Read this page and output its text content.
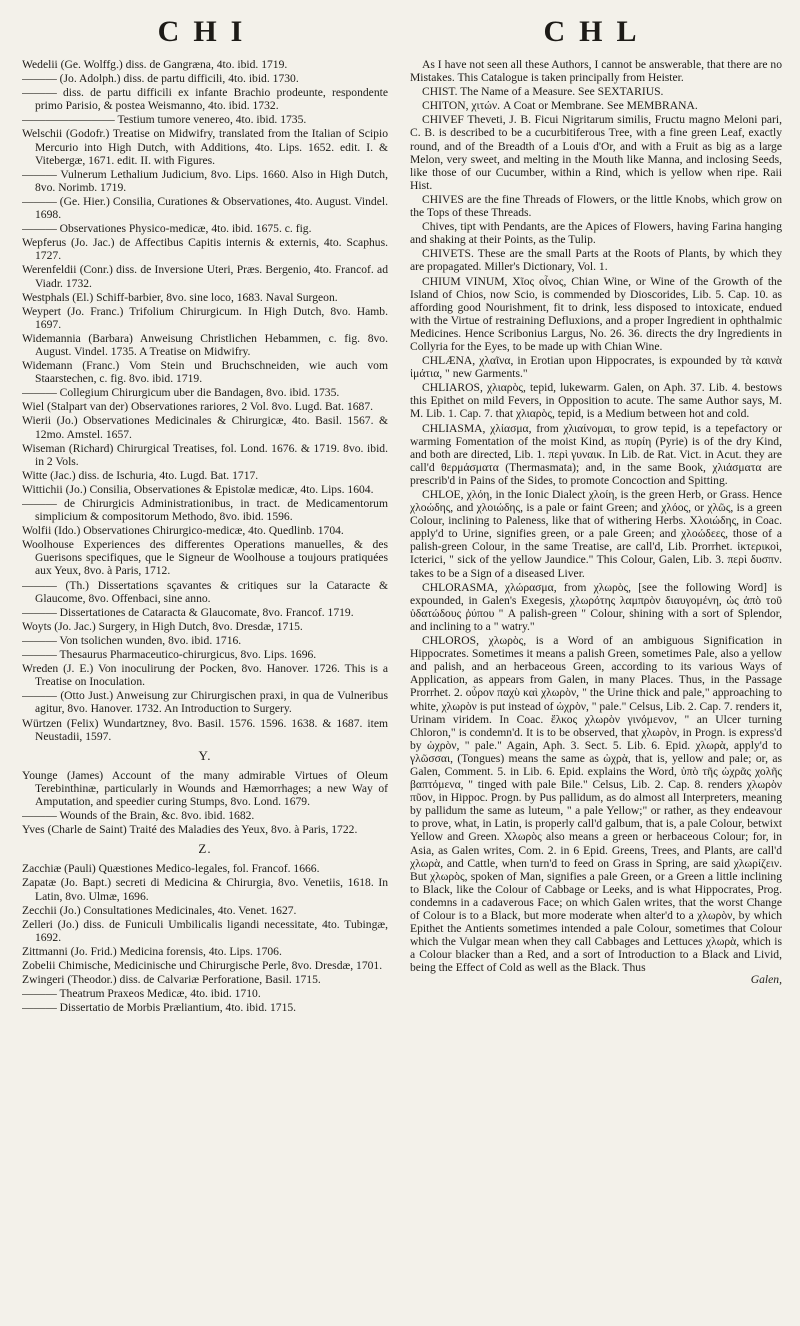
CHI	CHL

Wedelii (Ge. Wolffg.) diss. de Gangræna, 4to. ibid. 1719.

——— (Jo. Adolph.) diss. de partu difficili, 4to. ibid. 1730.

——— diss. de partu difficili ex infante Brachio prodeunte, respondente primo Parisio, & postea Weismanno, 4to. ibid. 1732.

———————— Testium tumore venereo, 4to. ibid. 1735.

Welschii (Godofr.) Treatise on Midwifry, translated from the Italian of Scipio Mercurio into High Dutch, with Additions, 4to. Lips. 1652. edit. I. & Vitebergæ, 1671. edit. II. with Figures.

——— Vulnerum Lethalium Judicium, 8vo. Lips. 1660. Also in High Dutch, 8vo. Norimb. 1719.

——— (Ge. Hier.) Consilia, Curationes & Observationes, 4to. August. Vindel. 1698.

——— Observationes Physico-medicæ, 4to. ibid. 1675. c. fig.

Wepferus (Jo. Jac.) de Affectibus Capitis internis & externis, 4to. Scaphus. 1727.

Werenfeldii (Conr.) diss. de Inversione Uteri, Præs. Bergenio, 4to. Francof. ad Viadr. 1732.

Westphals (El.) Schiff-barbier, 8vo. sine loco, 1683. Naval Surgeon.

Weypert (Jo. Franc.) Trifolium Chirurgicum. In High Dutch, 8vo. Hamb. 1697.

Widemannia (Barbara) Anweisung Christlichen Hebammen, c. fig. 8vo. August. Vindel. 1735. A Treatise on Midwifry.

Widemann (Franc.) Vom Stein und Bruchschneiden, wie auch vom Staarstechen, c. fig. 8vo. ibid. 1719.

——— Collegium Chirurgicum uber die Bandagen, 8vo. ibid. 1735.

Wiel (Stalpart van der) Observationes rariores, 2 Vol. 8vo. Lugd. Bat. 1687.

Wierii (Jo.) Observationes Medicinales & Chirurgicæ, 4to. Basil. 1567. & 12mo. Amstel. 1657.

Wiseman (Richard) Chirurgical Treatises, fol. Lond. 1676. & 1719. 8vo. ibid. in 2 Vols.

Witte (Jac.) diss. de Ischuria, 4to. Lugd. Bat. 1717.

Wittichii (Jo.) Consilia, Observationes & Epistolæ medicæ, 4to. Lips. 1604.

——— de Chirurgicis Administrationibus, in tract. de Medicamentorum simplicium & compositorum Methodo, 8vo. ibid. 1596.

Wolfii (Ido.) Observationes Chirurgico-medicæ, 4to. Quedlinb. 1704.

Woolhouse Experiences des differentes Operations manuelles, & des Guerisons specifiques, que le Signeur de Woolhouse a toujours pratiquées aux Yeux, 8vo. à Paris, 1712.

——— (Th.) Dissertations sçavantes & critiques sur la Cataracte & Glaucome, 8vo. Offenbaci, sine anno.

——— Dissertationes de Cataracta & Glaucomate, 8vo. Francof. 1719.

Woyts (Jo. Jac.) Surgery, in High Dutch, 8vo. Dresdæ, 1715.

——— Von tsolichen wunden, 8vo. ibid. 1716.

——— Thesaurus Pharmaceutico-chirurgicus, 8vo. Lips. 1696.

Wreden (J. E.) Von inoculirung der Pocken, 8vo. Hanover. 1726. This is a Treatise on Inoculation.

——— (Otto Just.) Anweisung zur Chirurgischen praxi, in qua de Vulneribus agitur, 8vo. Hanover. 1732. An Introduction to Surgery.

Würtzen (Felix) Wundartzney, 8vo. Basil. 1576. 1596. 1638. & 1687. item Neustadii, 1597.

Y.

Younge (James) Account of the many admirable Virtues of Oleum Terebinthinæ, particularly in Wounds and Hæmorrhages; a new Way of Amputation, and speedier curing Stumps, 8vo. Lond. 1679.

——— Wounds of the Brain, &c. 8vo. ibid. 1682.

Yves (Charle de Saint) Traité des Maladies des Yeux, 8vo. à Paris, 1722.

Z.

Zacchiæ (Pauli) Quæstiones Medico-legales, fol. Francof. 1666.

Zapatæ (Jo. Bapt.) secreti di Medicina & Chirurgia, 8vo. Venetiis, 1618. In Latin, 8vo. Ulmæ, 1696.

Zecchii (Jo.) Consultationes Medicinales, 4to. Venet. 1627.

Zelleri (Jo.) diss. de Funiculi Umbilicalis ligandi necessitate, 4to. Tubingæ, 1692.

Zittmanni (Jo. Frid.) Medicina forensis, 4to. Lips. 1706.

Zobelii Chimische, Medicinische und Chirurgische Perle, 8vo. Dresdæ, 1701.

Zwingeri (Theodor.) diss. de Calvariæ Perforatione, Basil. 1715.

——— Theatrum Praxeos Medicæ, 4to. ibid. 1710.

——— Dissertatio de Morbis Præliantium, 4to. ibid. 1715.

As I have not seen all these Authors, I cannot be answerable, that there are no Mistakes. This Catalogue is taken principally from Heister.

CHIST. The Name of a Measure. See SEXTARIUS.

CHITON, χιτών. A Coat or Membrane. See MEMBRANA.

CHIVEF Theveti, J. B. Ficui Nigritarum similis, Fructu magno Meloni pari, C. B. is described to be a cucurbitiferous Tree, with a fine green Leaf, exactly round, and of the Breadth of a Louis d'Or, and with a Fruit as big as a large Melon, very sweet, and melting in the Mouth like Manna, and inclosing Seeds, like those of our Cucumber, within a Rind, which is yellow when ripe. Raii Hist.

CHIVES are the fine Threads of Flowers, or the little Knobs, which grow on the Tops of these Threads.

Chives, tipt with Pendants, are the Apices of Flowers, having Farina hanging and shaking at their Points, as the Tulip.

CHIVETS. These are the small Parts at the Roots of Plants, by which they are propagated. Miller's Dictionary, Vol. 1.

CHIUM VINUM, Χῖος οἶνος, Chian Wine, or Wine of the Growth of the Island of Chios, now Scio, is commended by Dioscorides, Lib. 5. Cap. 10. as affording good Nourishment, fit to drink, less disposed to intoxicate, endued with the Virtue of restraining Defluxions, and a proper Ingredient in ophthalmic Medicines. Hence Scribonius Largus, No. 26. 36. directs the dry Ingredients in Collyria for the Eyes, to be made up with Chian Wine.

CHLÆNA, χλαῖνα, in Erotian upon Hippocrates, is expounded by τὰ καινὰ ἱμάτια, " new Garments."

CHLIAROS, χλιαρὸς, tepid, lukewarm. Galen, on Aph. 37. Lib. 4. bestows this Epithet on mild Fevers, in Opposition to acute. The same Author says, M. M. Lib. 1. Cap. 7. that χλιαρὸς, tepid, is a Medium between hot and cold.

CHLIASMA, χλίασμα, from χλιαίνομαι, to grow tepid, is a tepefactory or warming Fomentation of the moist Kind, as πυρίη (Pyrie) is of the dry Kind, and both are directed, Lib. 1. περὶ γυναικ. In Lib. de Rat. Vict. in Acut. they are call'd θερμάσματα (Thermasmata); and, in the same Book, χλιάσματα are prescrib'd in Pains of the Sides, to promote Concoction and Spitting.

CHLOE, χλόη, in the Ionic Dialect χλοίη, is the green Herb, or Grass. Hence χλοώδης, and χλοιώδης, is a pale or faint Green; and χλόος, or χλῶς, is a green Colour, inclining to Paleness, like that of withering Herbs. Χλοιώδης, in Coac. apply'd to Urine, signifies green, or a pale Green; and χλοώδεες, those of a palish-green Colour, in the same Treatise, are call'd, Lib. Prorrhet. ἰκτερικοὶ, Icterici, " sick of the yellow Jaundice." This Colour, Galen, Lib. 3. περὶ δυσπν. takes to be a Sign of a diseased Liver.

CHLORASMA, χλώρασμα, from χλωρὸς, [see the following Word] is expounded, in Galen's Exegesis, χλωρότης λαμπρὸν διαυγομένη, ὡς ἀπὸ τοῦ ὑδατώδους ῥύπου " A palish-green " Colour, shining with a sort of Splendor, and inclining to a " watry."

CHLOROS, χλωρὸς, is a Word of an ambiguous Signification in Hippocrates. Sometimes it means a palish Green, sometimes Pale, also a yellow and palish, and an herbaceous Green, according to its various Ways of Application, as appears from Galen, in many Places. Thus, in the Passage Prorrhet. 2. οὖρον παχὺ καὶ χλωρὸν, " the Urine thick and pale," approaching to white, χλωρὸν is put instead of ὠχρὸν, " pale." Celsus, Lib. 2. Cap. 7. renders it, Urinam viridem. In Coac. ἕλκος χλωρὸν γινόμενον, " an Ulcer turning Chloron," is condemn'd. It is to be observed, that χλωρὸν, in Progn. is express'd by ὠχρὸν, " pale." Again, Aph. 3. Sect. 5. Lib. 6. Epid. χλωρὰ, apply'd to γλῶσσαι, (Tongues) means the same as ὠχρὰ, that is, yellow and pale; or, as Galen, Comment. 5. in Lib. 6. Epid. explains the Word, ὑπὸ τῆς ὠχρᾶς χολῆς βαπτόμενα, " tinged with pale Bile." Celsus, Lib. 2. Cap. 8. renders χλωρὸν πῦον, in Hippoc. Progn. by Pus pallidum, as do almost all Interpreters, meaning by pallidum the same as luteum, " a pale Yellow;" or rather, as they endeavour to prove, what, in Latin, is properly call'd galbum, that is, a pale Colour, betwixt Yellow and Green. Χλωρὸς also means a green or herbaceous Colour; for, in Asia, as Galen writes, Com. 2. in 6 Epid. Greens, Trees, and Plants, are call'd χλωρὰ, and Cattle, when turn'd to feed on Grass in Spring, are said χλωρίζειν. But χλωρὸς, spoken of Man, signifies a pale Green, or a Green a little inclining to Black, like the Colour of Cabbage or Leeks, and is what Hippocrates, Prog. condemns in a cadaverous Face; on which Galen writes, that the worst Change of Colour is to a Black, but more moderate when alter'd to a χλωρὸν, by which Epithet the Antients sometimes intended a pale Colour, sometimes that Colour which the Vulgar mean when they call Cabbages and Lettuces χλωρὰ, which is a Colour blacker than a Red, and a sort of Introduction to a Black and Livid, being the Effect of Cold as well as the Black. Thus

Galen,
